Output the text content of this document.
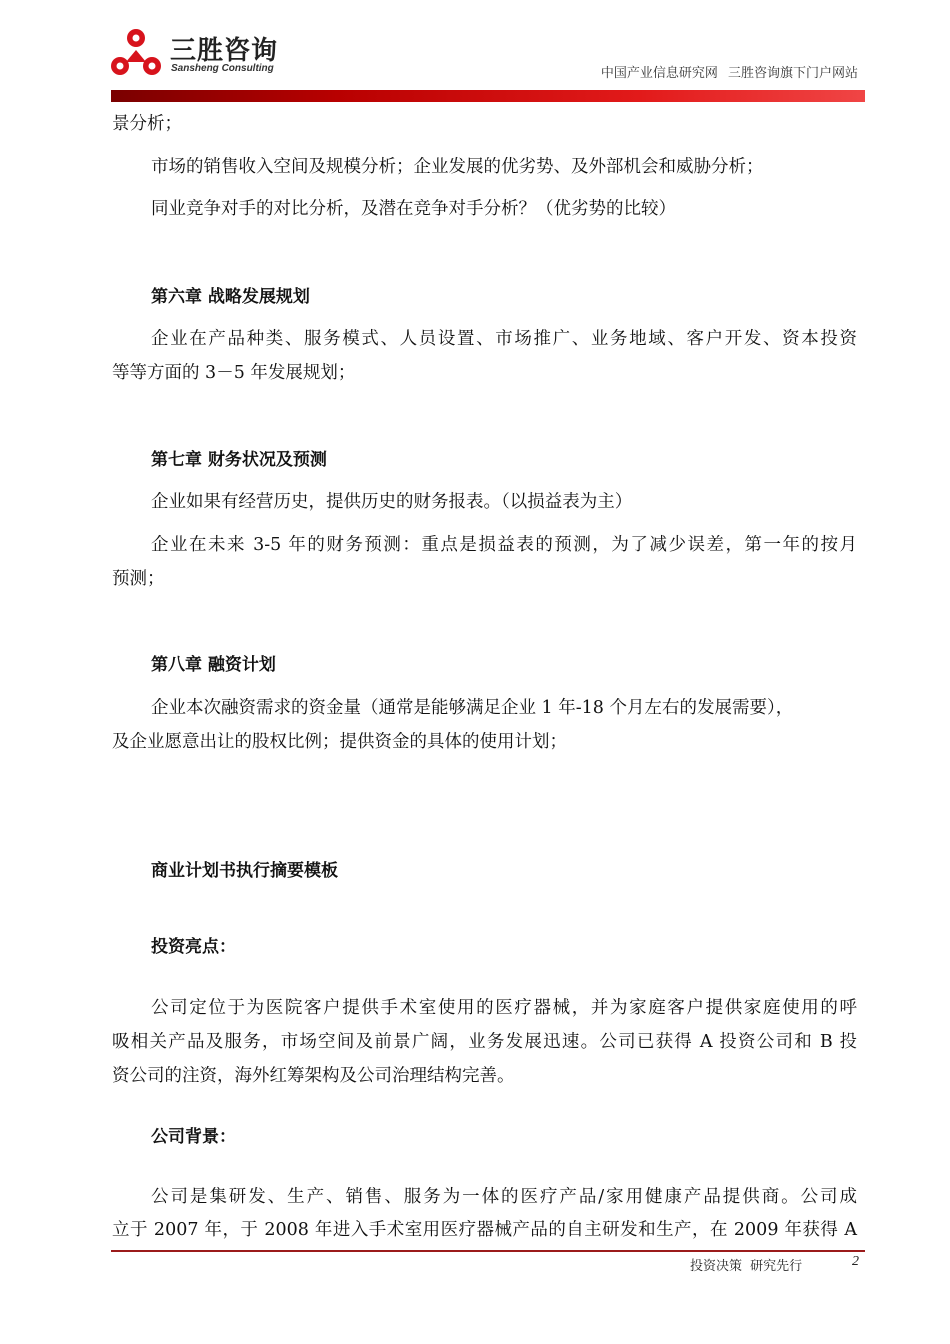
三胜咨询
Sansheng Consulting	中国产业信息研究网 三胜咨询旗下门户网站
景分析；
市场的销售收入空间及规模分析；企业发展的优劣势、及外部机会和威胁分析；
同业竞争对手的对比分析，及潜在竞争对手分析？（优劣势的比较）
第六章 战略发展规划
企业在产品种类、服务模式、人员设置、市场推广、业务地域、客户开发、资本投资
等等方面的 3－5 年发展规划；
第七章 财务状况及预测
企业如果有经营历史，提供历史的财务报表。（以损益表为主）
企业在未来 3-5 年的财务预测：重点是损益表的预测，为了减少误差，第一年的按月
预测；
第八章 融资计划
企业本次融资需求的资金量（通常是能够满足企业 1 年-18 个月左右的发展需要），
及企业愿意出让的股权比例；提供资金的具体的使用计划；
商业计划书执行摘要模板
投资亮点：
公司定位于为医院客户提供手术室使用的医疗器械，并为家庭客户提供家庭使用的呼
吸相关产品及服务，市场空间及前景广阔，业务发展迅速。公司已获得 A 投资公司和 B 投
资公司的注资，海外红筹架构及公司治理结构完善。
公司背景：
公司是集研发、生产、销售、服务为一体的医疗产品/家用健康产品提供商。公司成
立于 2007 年，于 2008 年进入手术室用医疗器械产品的自主研发和生产，在 2009 年获得 A
投资决策 研究先行	2
